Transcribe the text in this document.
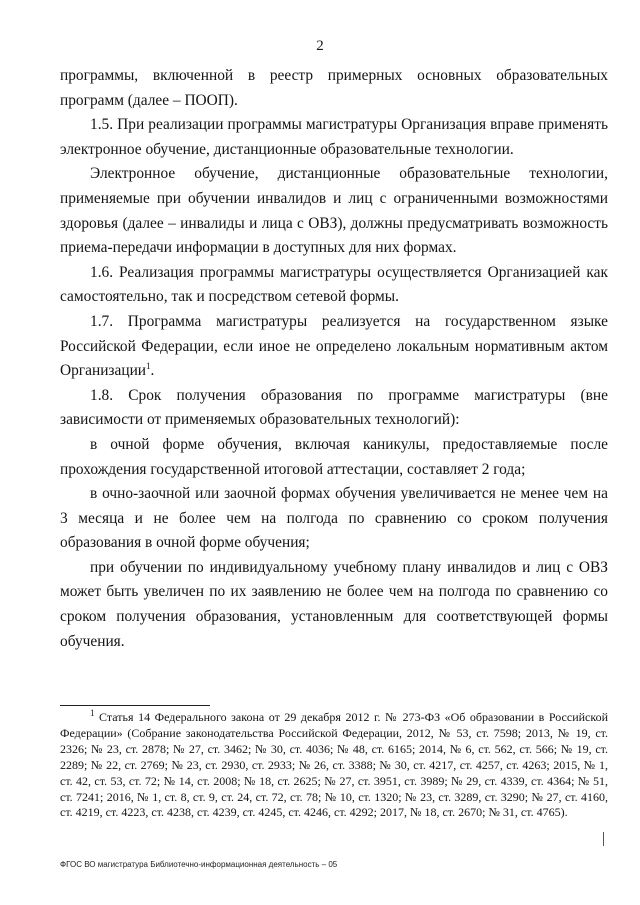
2

программы, включенной в реестр примерных основных образовательных программ (далее – ПООП).

1.5. При реализации программы магистратуры Организация вправе применять электронное обучение, дистанционные образовательные технологии.

Электронное обучение, дистанционные образовательные технологии, применяемые при обучении инвалидов и лиц с ограниченными возможностями здоровья (далее – инвалиды и лица с ОВЗ), должны предусматривать возможность приема-передачи информации в доступных для них формах.

1.6. Реализация программы магистратуры осуществляется Организацией как самостоятельно, так и посредством сетевой формы.

1.7. Программа магистратуры реализуется на государственном языке Российской Федерации, если иное не определено локальным нормативным актом Организации$^1$.

1.8. Срок получения образования по программе магистратуры (вне зависимости от применяемых образовательных технологий):

в очной форме обучения, включая каникулы, предоставляемые после прохождения государственной итоговой аттестации, составляет 2 года;

в очно-заочной или заочной формах обучения увеличивается не менее чем на 3 месяца и не более чем на полгода по сравнению со сроком получения образования в очной форме обучения;

при обучении по индивидуальному учебному плану инвалидов и лиц с ОВЗ может быть увеличен по их заявлению не более чем на полгода по сравнению со сроком получения образования, установленным для соответствующей формы обучения.

$^1$ Статья 14 Федерального закона от 29 декабря 2012 г. № 273-ФЗ «Об образовании в Российской Федерации» (Собрание законодательства Российской Федерации, 2012, № 53, ст. 7598; 2013, № 19, ст. 2326; № 23, ст. 2878; № 27, ст. 3462; № 30, ст. 4036; № 48, ст. 6165; 2014, № 6, ст. 562, ст. 566; № 19, ст. 2289; № 22, ст. 2769; № 23, ст. 2930, ст. 2933; № 26, ст. 3388; № 30, ст. 4217, ст. 4257, ст. 4263; 2015, № 1, ст. 42, ст. 53, ст. 72; № 14, ст. 2008; № 18, ст. 2625; № 27, ст. 3951, ст. 3989; № 29, ст. 4339, ст. 4364; № 51, ст. 7241; 2016, № 1, ст. 8, ст. 9, ст. 24, ст. 72, ст. 78; № 10, ст. 1320; № 23, ст. 3289, ст. 3290; № 27, ст. 4160, ст. 4219, ст. 4223, ст. 4238, ст. 4239, ст. 4245, ст. 4246, ст. 4292; 2017, № 18, ст. 2670; № 31, ст. 4765).
ФГОС ВО магистратура Библиотечно-информационная деятельность – 05
